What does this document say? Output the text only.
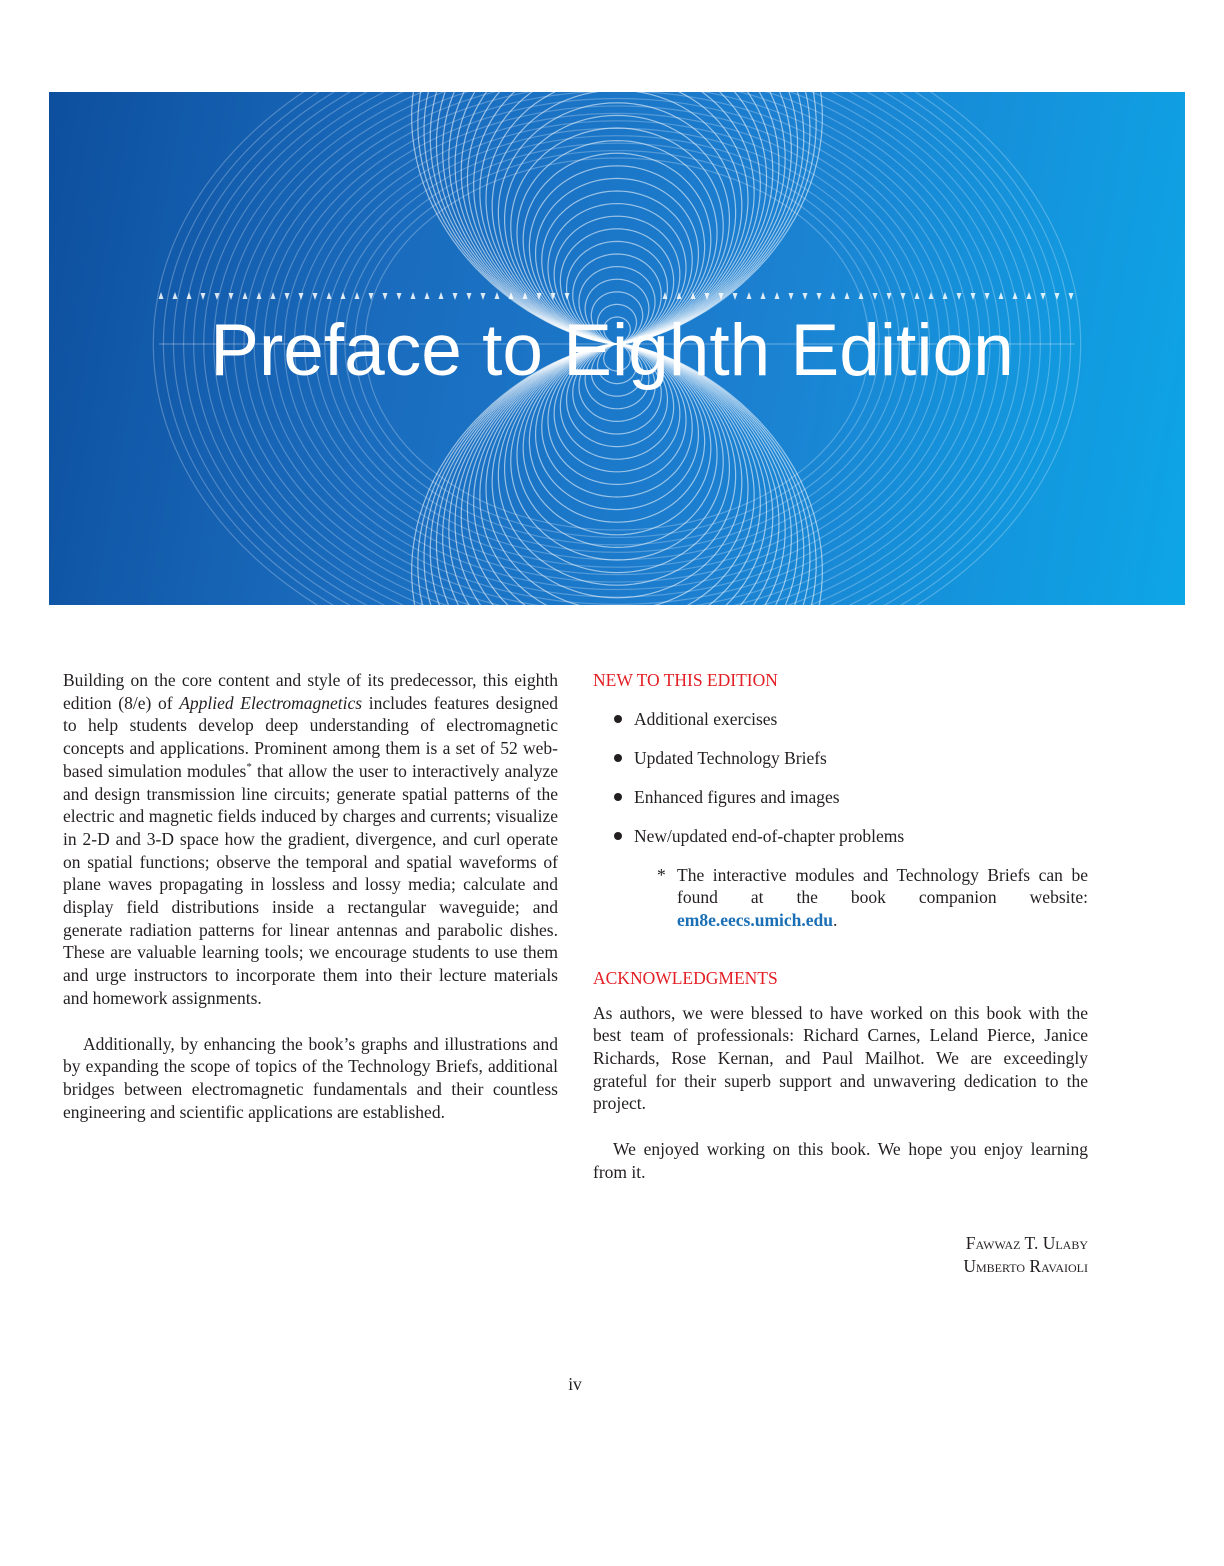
Preface to Eighth Edition

Building on the core content and style of its predecessor, this eighth edition (8/e) of Applied Electromagnetics includes features designed to help students develop deep understanding of electromagnetic concepts and applications. Prominent among them is a set of 52 web-based simulation modules* that allow the user to interactively analyze and design transmission line circuits; generate spatial patterns of the electric and magnetic fields induced by charges and currents; visualize in 2-D and 3-D space how the gradient, divergence, and curl operate on spatial functions; observe the temporal and spatial waveforms of plane waves propagating in lossless and lossy media; calculate and display field distributions inside a rectangular waveguide; and generate radiation patterns for linear antennas and parabolic dishes. These are valuable learning tools; we encourage students to use them and urge instructors to incorporate them into their lecture materials and homework assignments.

Additionally, by enhancing the book’s graphs and illustrations and by expanding the scope of topics of the Technology Briefs, additional bridges between electromagnetic fundamentals and their countless engineering and scientific applications are established.

NEW TO THIS EDITION

Additional exercises
Updated Technology Briefs
Enhanced figures and images
New/updated end-of-chapter problems

* The interactive modules and Technology Briefs can be found at the book companion website: em8e.eecs.umich.edu.

ACKNOWLEDGMENTS

As authors, we were blessed to have worked on this book with the best team of professionals: Richard Carnes, Leland Pierce, Janice Richards, Rose Kernan, and Paul Mailhot. We are exceedingly grateful for their superb support and unwavering dedication to the project.

We enjoyed working on this book. We hope you enjoy learning from it.

Fawwaz T. Ulaby

Umberto Ravaioli

iv
